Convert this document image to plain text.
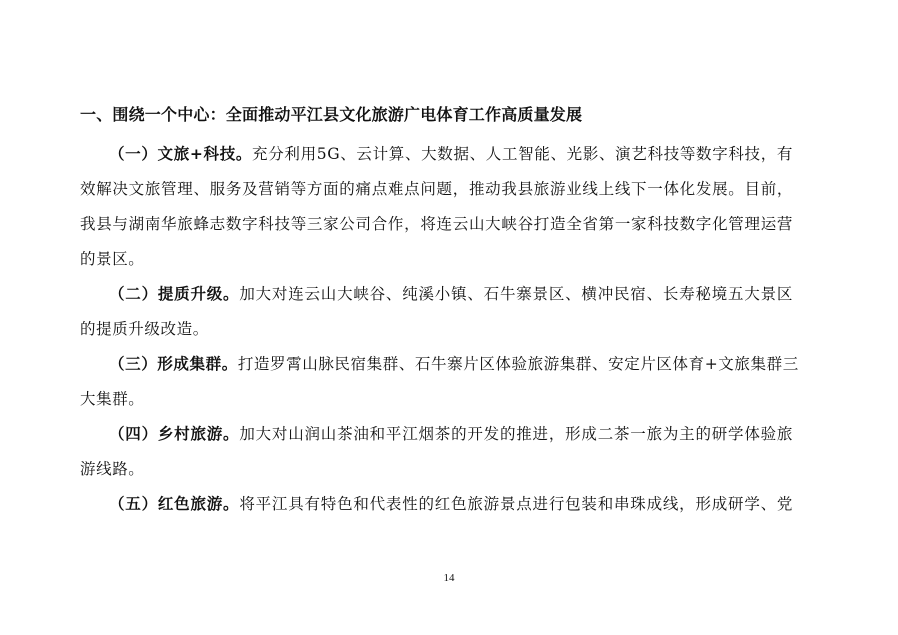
一、围绕一个中心：全面推动平江县文化旅游广电体育工作高质量发展
（一）文旅+科技。充分利用5G、云计算、大数据、人工智能、光影、演艺科技等数字科技，有
效解决文旅管理、服务及营销等方面的痛点难点问题，推动我县旅游业线上线下一体化发展。目前，
我县与湖南华旅蜂志数字科技等三家公司合作，将连云山大峡谷打造全省第一家科技数字化管理运营
的景区。
（二）提质升级。加大对连云山大峡谷、纯溪小镇、石牛寨景区、横冲民宿、长寿秘境五大景区
的提质升级改造。
（三）形成集群。打造罗霄山脉民宿集群、石牛寨片区体验旅游集群、安定片区体育+文旅集群三
大集群。
（四）乡村旅游。加大对山润山茶油和平江烟茶的开发的推进，形成二茶一旅为主的研学体验旅
游线路。
（五）红色旅游。将平江具有特色和代表性的红色旅游景点进行包装和串珠成线，形成研学、党
14
